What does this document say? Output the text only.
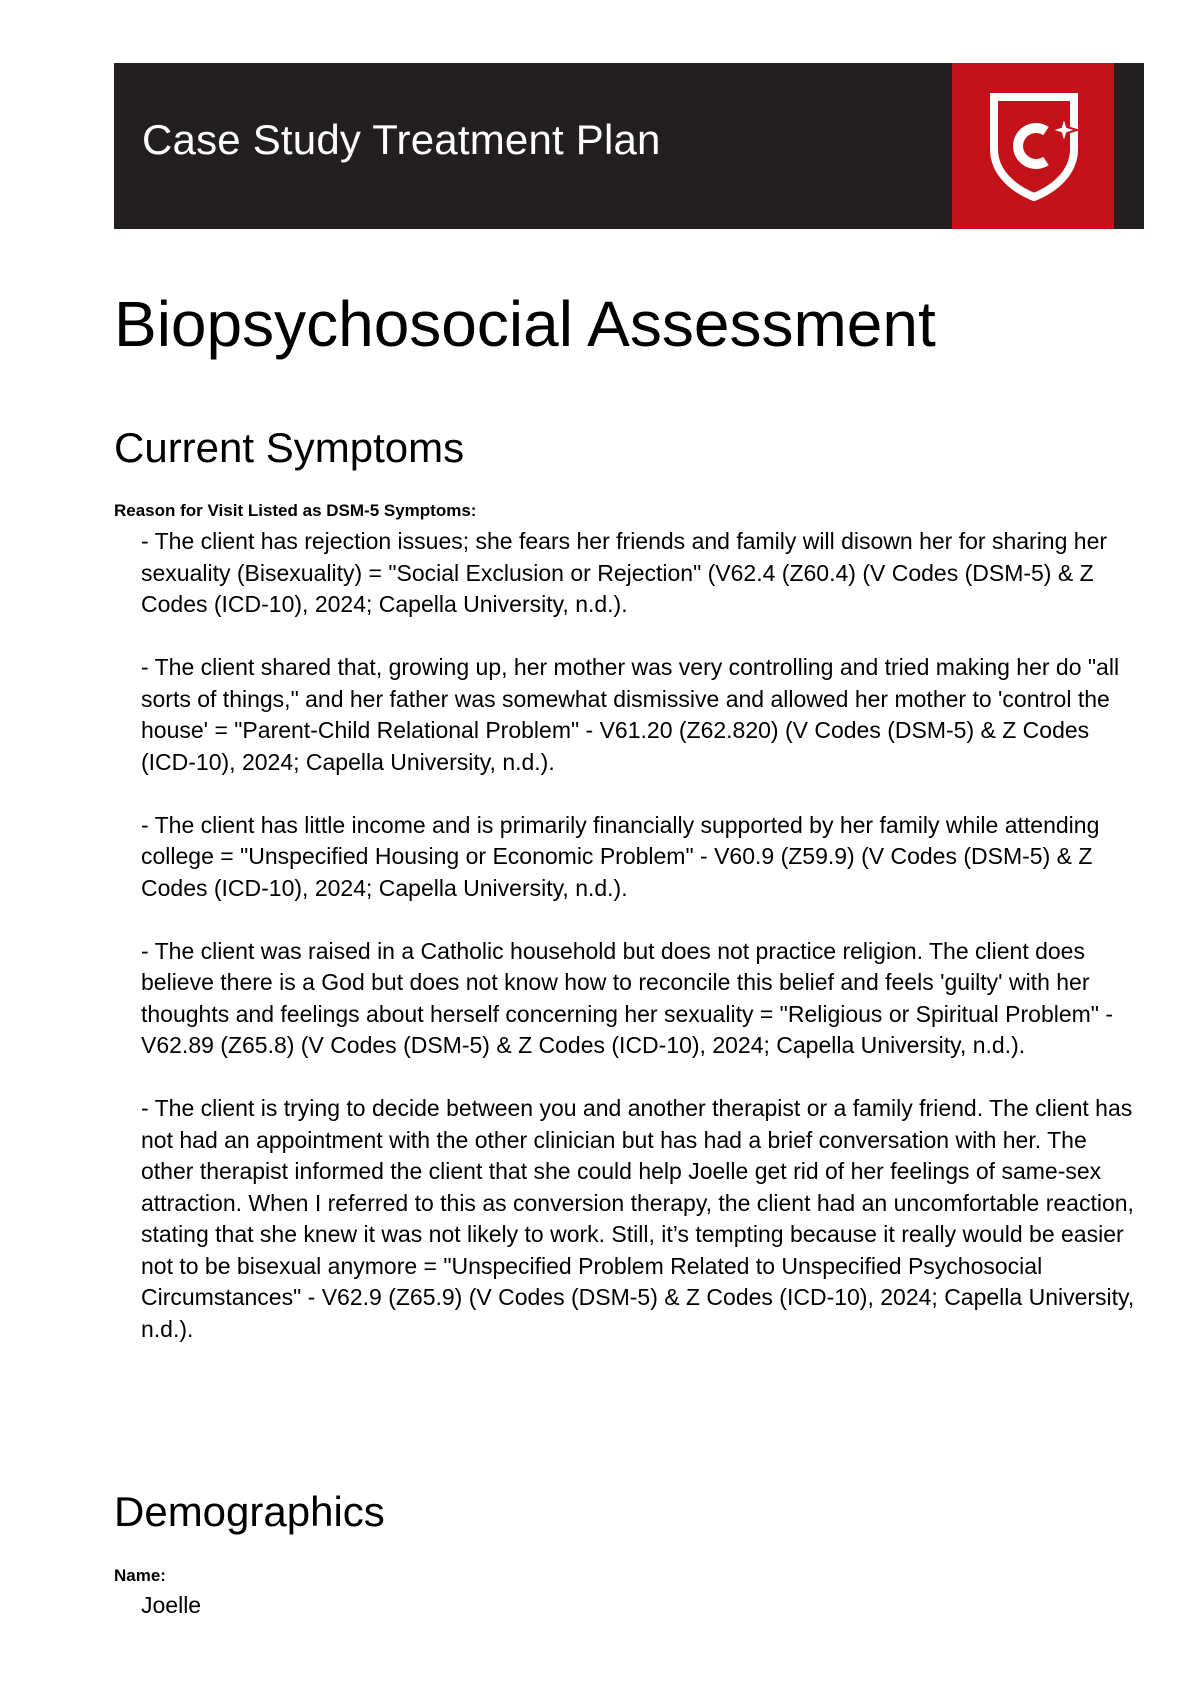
Case Study Treatment Plan
Biopsychosocial Assessment
Current Symptoms
Reason for Visit Listed as DSM-5 Symptoms:
- The client has rejection issues; she fears her friends and family will disown her for sharing her sexuality (Bisexuality) = "Social Exclusion or Rejection" (V62.4 (Z60.4) (V Codes (DSM-5) & Z Codes (ICD-10), 2024; Capella University, n.d.).
- The client shared that, growing up, her mother was very controlling and tried making her do "all sorts of things," and her father was somewhat dismissive and allowed her mother to 'control the house' = "Parent-Child Relational Problem" - V61.20 (Z62.820) (V Codes (DSM-5) & Z Codes (ICD-10), 2024; Capella University, n.d.).
- The client has little income and is primarily financially supported by her family while attending college = "Unspecified Housing or Economic Problem" - V60.9 (Z59.9) (V Codes (DSM-5) & Z Codes (ICD-10), 2024; Capella University, n.d.).
- The client was raised in a Catholic household but does not practice religion. The client does believe there is a God but does not know how to reconcile this belief and feels 'guilty' with her thoughts and feelings about herself concerning her sexuality = "Religious or Spiritual Problem" - V62.89 (Z65.8) (V Codes (DSM-5) & Z Codes (ICD-10), 2024; Capella University, n.d.).
- The client is trying to decide between you and another therapist or a family friend. The client has not had an appointment with the other clinician but has had a brief conversation with her. The other therapist informed the client that she could help Joelle get rid of her feelings of same-sex attraction. When I referred to this as conversion therapy, the client had an uncomfortable reaction, stating that she knew it was not likely to work. Still, it’s tempting because it really would be easier not to be bisexual anymore = "Unspecified Problem Related to Unspecified Psychosocial Circumstances" - V62.9 (Z65.9) (V Codes (DSM-5) & Z Codes (ICD-10), 2024; Capella University, n.d.).
Demographics
Name:
Joelle
